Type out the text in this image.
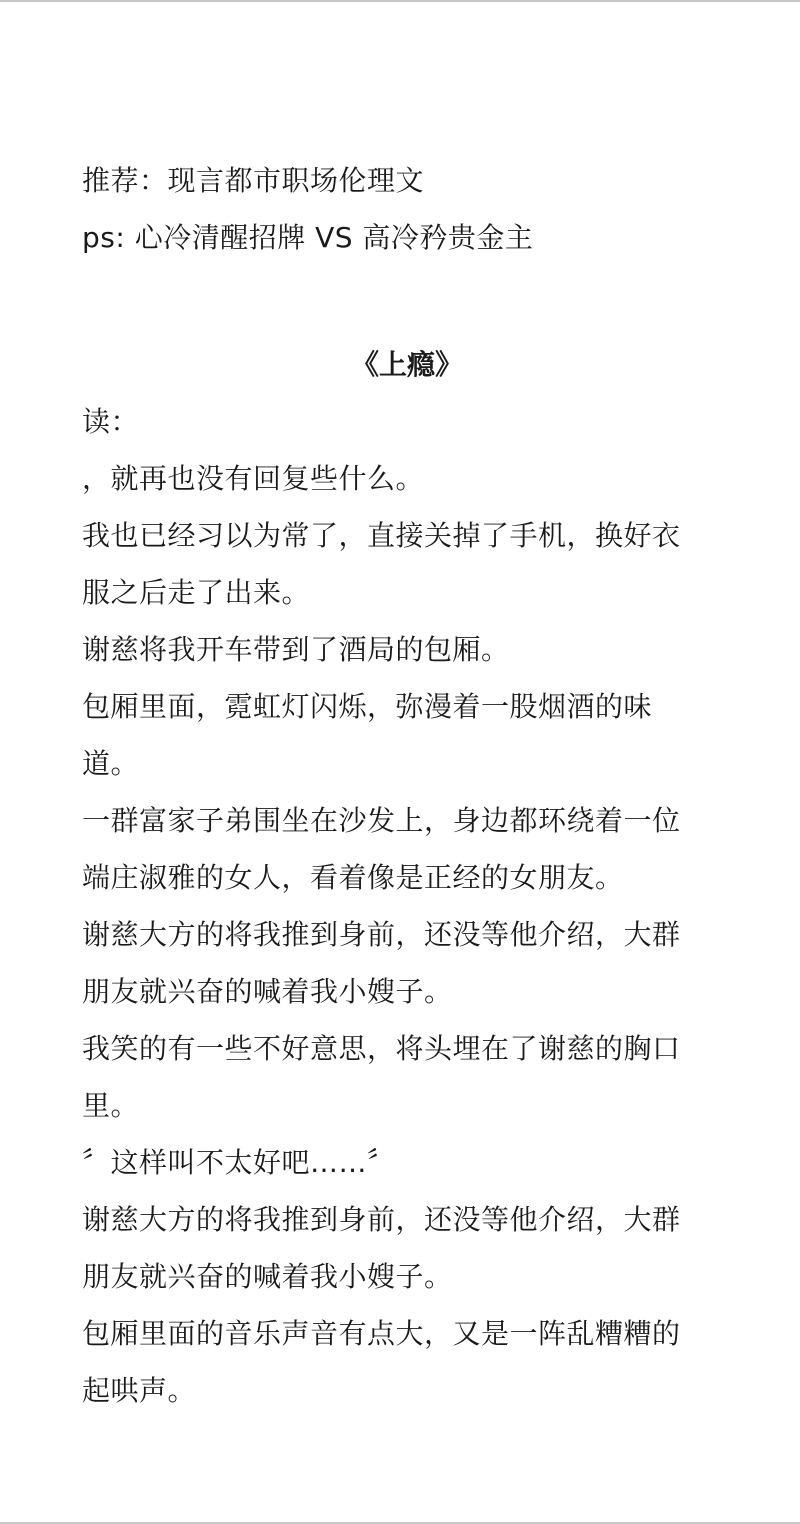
推荐：现言都市职场伦理文
ps: 心冷清醒招牌 VS 高冷矜贵金主
《上瘾》
读：
，就再也没有回复些什么。
我也已经习以为常了，直接关掉了手机，换好衣
服之后走了出来。
谢慈将我开车带到了酒局的包厢。
包厢里面，霓虹灯闪烁，弥漫着一股烟酒的味
道。
一群富家子弟围坐在沙发上，身边都环绕着一位
端庄淑雅的女人，看着像是正经的女朋友。
谢慈大方的将我推到身前，还没等他介绍，大群
朋友就兴奋的喊着我小嫂子。
我笑的有一些不好意思，将头埋在了谢慈的胸口
里。
〞这样叫不太好吧……〞
谢慈大方的将我推到身前，还没等他介绍，大群
朋友就兴奋的喊着我小嫂子。
包厢里面的音乐声音有点大，又是一阵乱糟糟的
起哄声。
